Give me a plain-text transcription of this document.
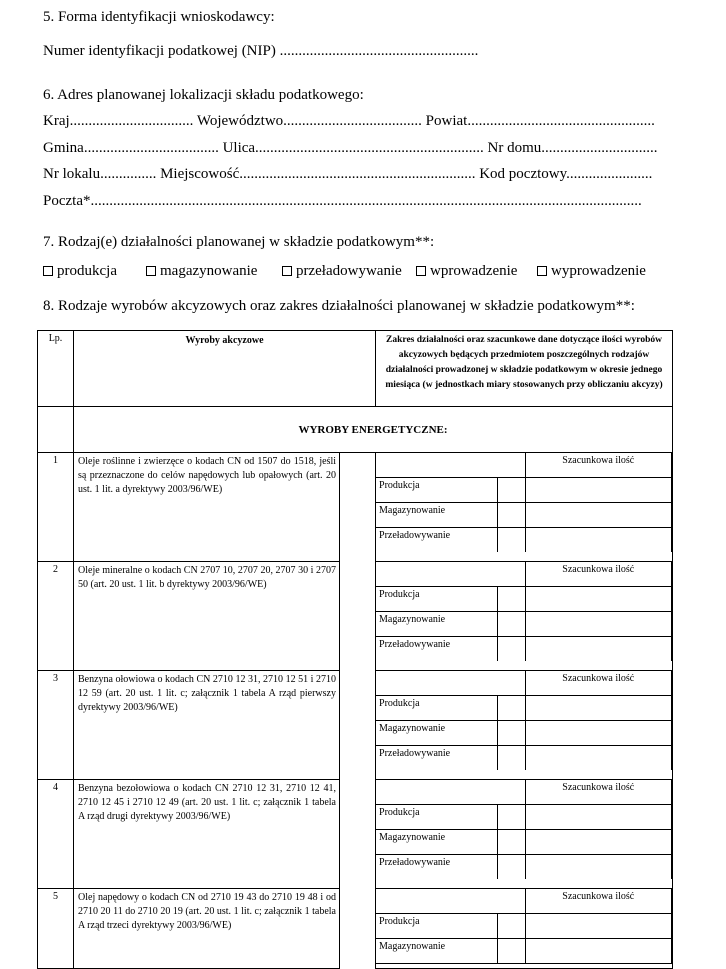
5. Forma identyfikacji wnioskodawcy:
Numer identyfikacji podatkowej (NIP) .....................................................
6. Adres planowanej lokalizacji składu podatkowego:
Kraj................................. Województwo..................................... Powiat..................................................
Gmina.................................... Ulica............................................................. Nr domu...............................
Nr lokalu............... Miejscowość............................................................... Kod pocztowy.......................
Poczta*...................................................................................................................................................
7. Rodzaj(e) działalności planowanej w składzie podatkowym**:
produkcja	magazynowanie	przeładowywanie	wprowadzenie	wyprowadzenie
8. Rodzaje wyrobów akcyzowych oraz zakres działalności planowanej w składzie podatkowym**:
Lp.	Wyroby akcyzowe	Zakres działalności oraz szacunkowe dane dotyczące ilości wyrobów akcyzowych będących przedmiotem poszczególnych rodzajów działalności prowadzonej w składzie podatkowym w okresie jednego miesiąca (w jednostkach miary stosowanych przy obliczaniu akcyzy)
	WYROBY ENERGETYCZNE:
1	Oleje roślinne i zwierzęce o kodach CN od 1507 do 1518, jeśli są przeznaczone do celów napędowych lub opałowych (art. 20 ust. 1 lit. a dyrektywy 2003/96/WE)		
	Szacunkowa ilość
Produkcja		
Magazynowanie		
Przeładowywanie		

2	Oleje mineralne o kodach CN 2707 10, 2707 20, 2707 30 i 2707 50 (art. 20 ust. 1 lit. b dyrektywy 2003/96/WE)		
	Szacunkowa ilość
Produkcja		
Magazynowanie		
Przeładowywanie		

3	Benzyna ołowiowa o kodach CN 2710 12 31, 2710 12 51 i 2710 12 59 (art. 20 ust. 1 lit. c; załącznik 1 tabela A rząd pierwszy dyrektywy 2003/96/WE)		
	Szacunkowa ilość
Produkcja		
Magazynowanie		
Przeładowywanie		

4	Benzyna bezołowiowa o kodach CN 2710 12 31, 2710 12 41, 2710 12 45 i 2710 12 49 (art. 20 ust. 1 lit. c; załącznik 1 tabela A rząd drugi dyrektywy 2003/96/WE)		
	Szacunkowa ilość
Produkcja		
Magazynowanie		
Przeładowywanie		

5	Olej napędowy o kodach CN od 2710 19 43 do 2710 19 48 i od 2710 20 11 do 2710 20 19 (art. 20 ust. 1 lit. c; załącznik 1 tabela A rząd trzeci dyrektywy 2003/96/WE)		
	Szacunkowa ilość
Produkcja		
Magazynowanie		
